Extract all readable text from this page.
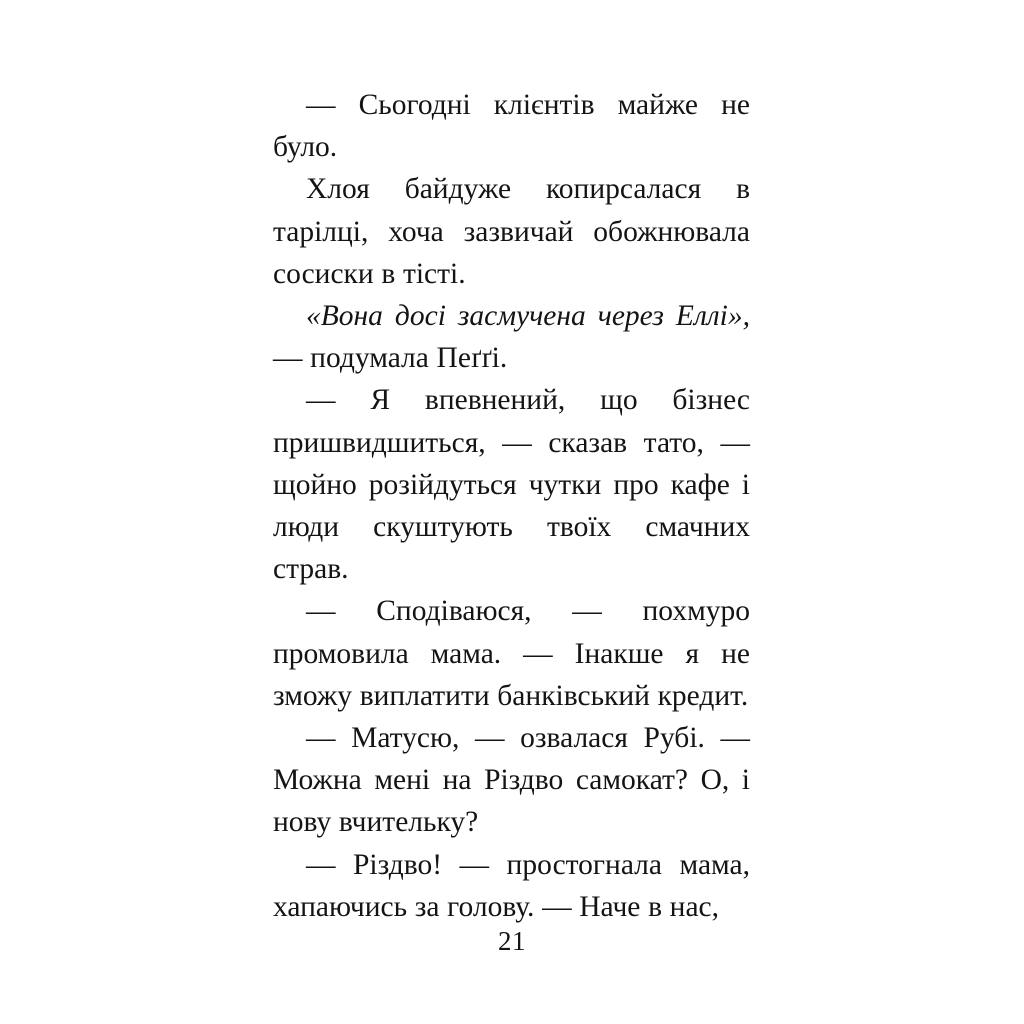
— Сьогодні клієнтів майже не було.

Хлоя байдуже копирсалася в тарілці, хоча зазвичай обожнювала сосиски в тісті.

«Вона досі засмучена через Еллі», — подумала Пеґґі.

— Я впевнений, що бізнес пришвидшиться, — сказав тато, — щойно розійдуться чутки про кафе і люди скуштують твоїх смачних страв.

— Сподіваюся, — похмуро промовила мама. — Інакше я не зможу виплатити банківський кредит.

— Матусю, — озвалася Рубі. — Можна мені на Різдво самокат? О, і нову вчительку?

— Різдво! — простогнала мама, хапаючись за голову. — Наче в нас,

21
